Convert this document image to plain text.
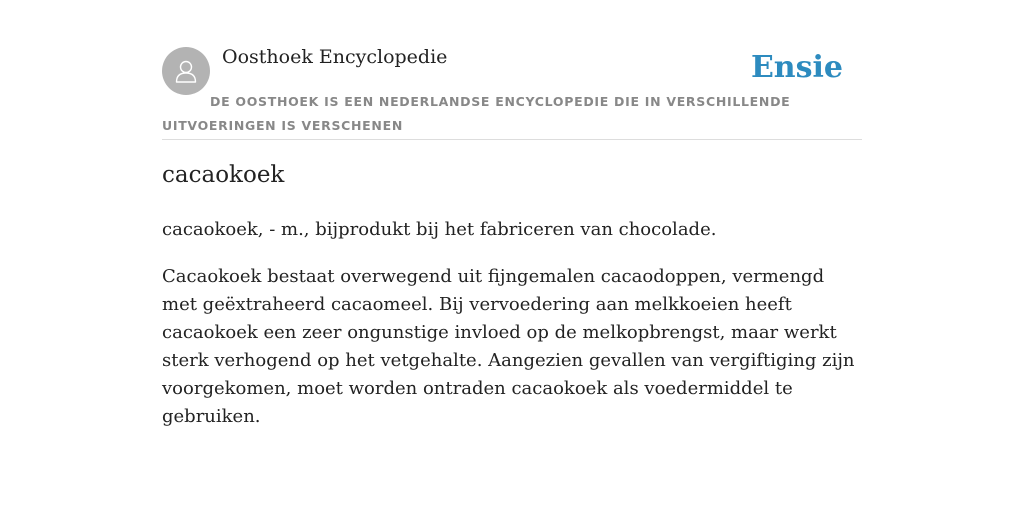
Oosthoek Encyclopedie	Ensie
DE OOSTHOEK IS EEN NEDERLANDSE ENCYCLOPEDIE DIE IN VERSCHILLENDE UITVOERINGEN IS VERSCHENEN
cacaokoek

cacaokoek, - m., bijprodukt bij het fabriceren van chocolade.

Cacaokoek bestaat overwegend uit fijngemalen cacaodoppen, vermengd met geëxtraheerd cacaomeel. Bij vervoedering aan melkkoeien heeft cacaokoek een zeer ongunstige invloed op de melkopbrengst, maar werkt sterk verhogend op het vetgehalte. Aangezien gevallen van vergiftiging zijn voorgekomen, moet worden ontraden cacaokoek als voedermiddel te gebruiken.
